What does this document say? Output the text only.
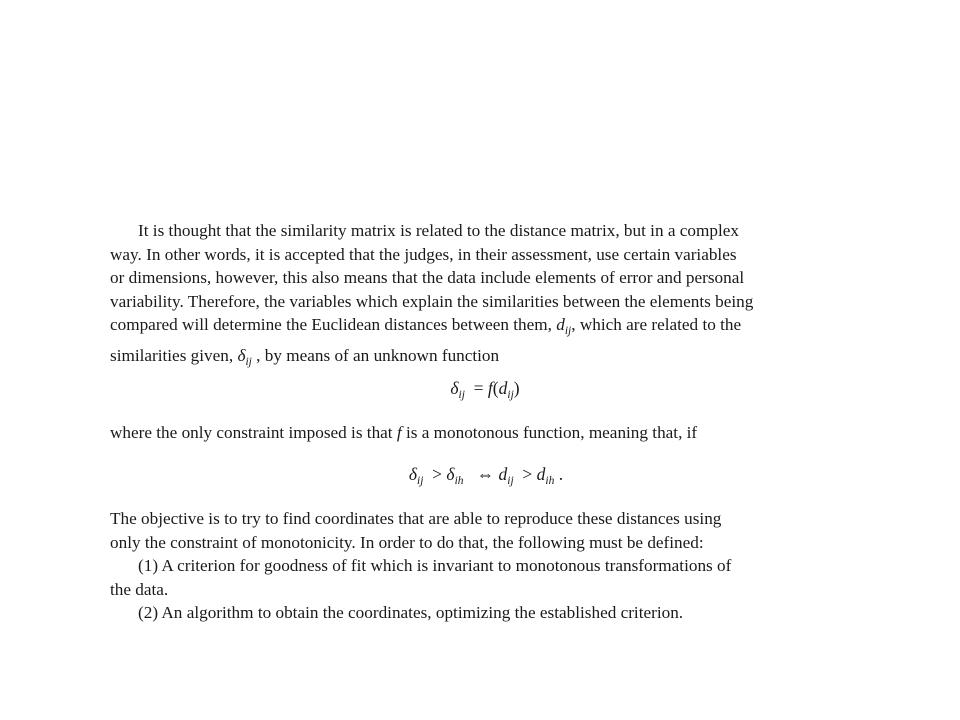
It is thought that the similarity matrix is related to the distance matrix, but in a complex
way. In other words, it is accepted that the judges, in their assessment, use certain variables
or dimensions, however, this also means that the data include elements of error and personal
variability. Therefore, the variables which explain the similarities between the elements being
compared will determine the Euclidean distances between them, $d_{ij}$, which are related to the
similarities given, $\delta_{ij}$ , by means of an unknown function
$\delta_{ij} = f(d_{ij})$
where the only constraint imposed is that f is a monotonous function, meaning that, if
$\delta_{ij} > \delta_{ih}$ ⇔ $d_{ij} > d_{ih}$ .
The objective is to try to find coordinates that are able to reproduce these distances using
only the constraint of monotonicity. In order to do that, the following must be defined:
(1) A criterion for goodness of fit which is invariant to monotonous transformations of
the data.
(2) An algorithm to obtain the coordinates, optimizing the established criterion.
